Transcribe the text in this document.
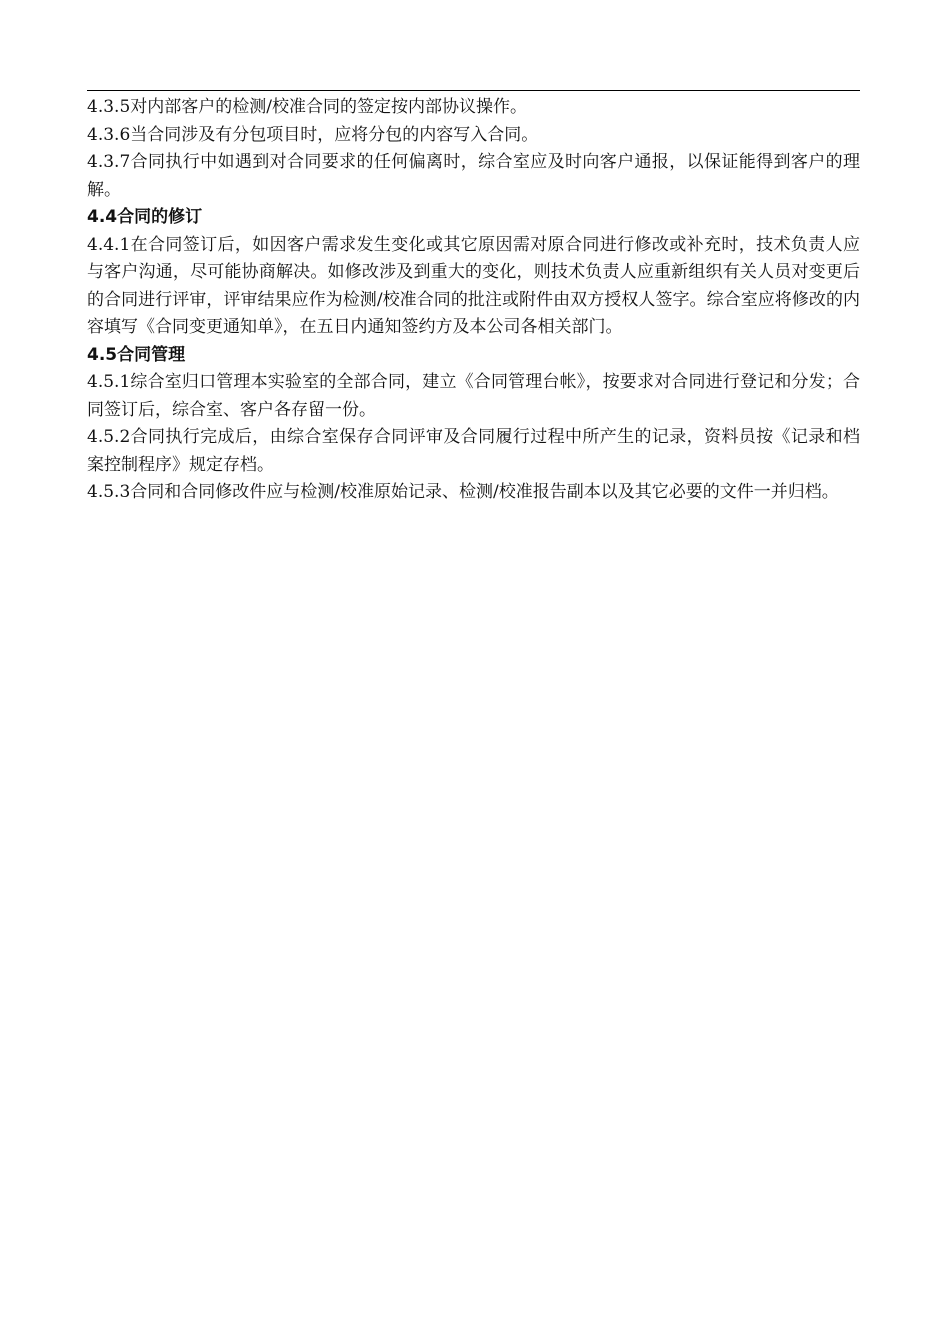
4.3.5对内部客户的检测/校准合同的签定按内部协议操作。

4.3.6当合同涉及有分包项目时，应将分包的内容写入合同。

4.3.7合同执行中如遇到对合同要求的任何偏离时，综合室应及时向客户通报，以保证能得到客户的理解。

4.4合同的修订

4.4.1在合同签订后，如因客户需求发生变化或其它原因需对原合同进行修改或补充时，技术负责人应与客户沟通，尽可能协商解决。如修改涉及到重大的变化，则技术负责人应重新组织有关人员对变更后的合同进行评审，评审结果应作为检测/校准合同的批注或附件由双方授权人签字。综合室应将修改的内容填写《合同变更通知单》，在五日内通知签约方及本公司各相关部门。

4.5合同管理

4.5.1综合室归口管理本实验室的全部合同，建立《合同管理台帐》，按要求对合同进行登记和分发；合同签订后，综合室、客户各存留一份。

4.5.2合同执行完成后，由综合室保存合同评审及合同履行过程中所产生的记录，资料员按《记录和档案控制程序》规定存档。

4.5.3合同和合同修改件应与检测/校准原始记录、检测/校准报告副本以及其它必要的文件一并归档。
